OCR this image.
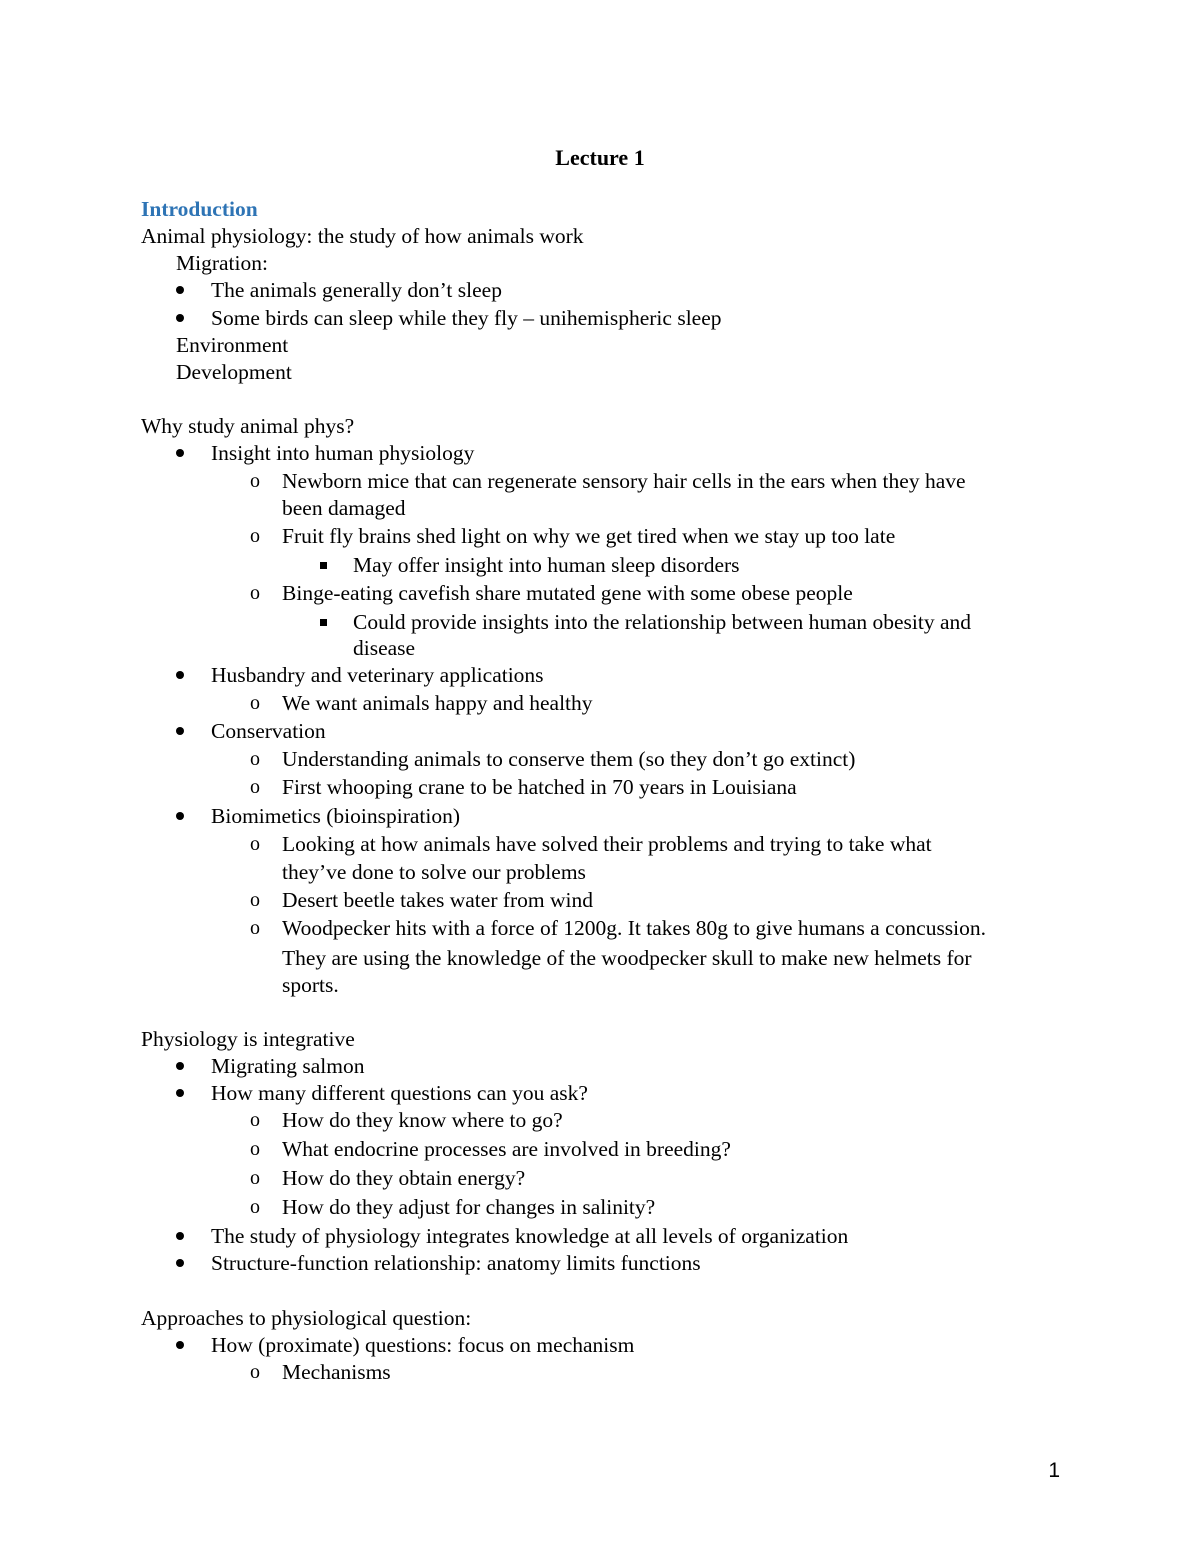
Lecture 1
Introduction
Animal physiology: the study of how animals work
Migration:
The animals generally don’t sleep
Some birds can sleep while they fly – unihemispheric sleep
Environment
Development
Why study animal phys?
Insight into human physiology
o Newborn mice that can regenerate sensory hair cells in the ears when they have
been damaged
o Fruit fly brains shed light on why we get tired when we stay up too late
May offer insight into human sleep disorders
o Binge-eating cavefish share mutated gene with some obese people
Could provide insights into the relationship between human obesity and
disease
Husbandry and veterinary applications
o We want animals happy and healthy
Conservation
o Understanding animals to conserve them (so they don’t go extinct)
o First whooping crane to be hatched in 70 years in Louisiana
Biomimetics (bioinspiration)
o Looking at how animals have solved their problems and trying to take what
they’ve done to solve our problems
o Desert beetle takes water from wind
o Woodpecker hits with a force of 1200g. It takes 80g to give humans a concussion.
They are using the knowledge of the woodpecker skull to make new helmets for
sports.
Physiology is integrative
Migrating salmon
How many different questions can you ask?
o How do they know where to go?
o What endocrine processes are involved in breeding?
o How do they obtain energy?
o How do they adjust for changes in salinity?
The study of physiology integrates knowledge at all levels of organization
Structure-function relationship: anatomy limits functions
Approaches to physiological question:
How (proximate) questions: focus on mechanism
o Mechanisms
1
